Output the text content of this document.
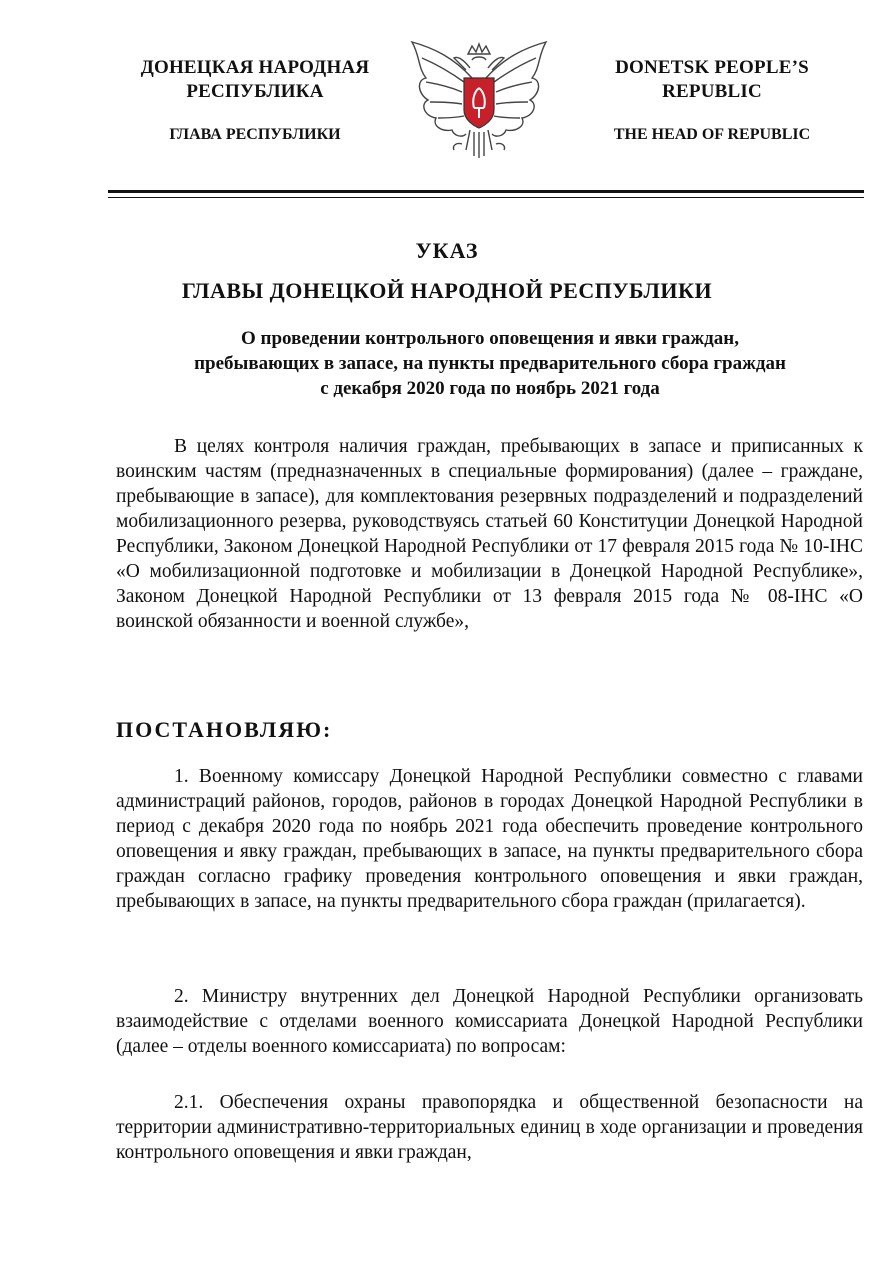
ДОНЕЦКАЯ НАРОДНАЯ
РЕСПУБЛИКА
ГЛАВА РЕСПУБЛИКИ
DONETSK PEOPLE’S
REPUBLIC
THE HEAD OF REPUBLIC
УКАЗ
ГЛАВЫ ДОНЕЦКОЙ НАРОДНОЙ РЕСПУБЛИКИ
О проведении контрольного оповещения и явки граждан,
пребывающих в запасе, на пункты предварительного сбора граждан
с декабря 2020 года по ноябрь 2021 года

В целях контроля наличия граждан, пребывающих в запасе и приписанных к воинским частям (предназначенных в специальные формирования) (далее – граждане, пребывающие в запасе), для комплектования резервных подразделений и подразделений мобилизационного резерва, руководствуясь статьей 60 Конституции Донецкой Народной Республики, Законом Донецкой Народной Республики от 17 февраля 2015 года № 10-IНС «О мобилизационной подготовке и мобилизации в Донецкой Народной Республике», Законом Донецкой Народной Республики от 13 февраля 2015 года № 08-IНС «О воинской обязанности и военной службе»,

ПОСТАНОВЛЯЮ:

1. Военному комиссару Донецкой Народной Республики совместно с главами администраций районов, городов, районов в городах Донецкой Народной Республики в период с декабря 2020 года по ноябрь 2021 года обеспечить проведение контрольного оповещения и явку граждан, пребывающих в запасе, на пункты предварительного сбора граждан согласно графику проведения контрольного оповещения и явки граждан, пребывающих в запасе, на пункты предварительного сбора граждан (прилагается).

2. Министру внутренних дел Донецкой Народной Республики организовать взаимодействие с отделами военного комиссариата Донецкой Народной Республики (далее – отделы военного комиссариата) по вопросам:

2.1. Обеспечения охраны правопорядка и общественной безопасности на территории административно-территориальных единиц в ходе организации и проведения контрольного оповещения и явки граждан,
